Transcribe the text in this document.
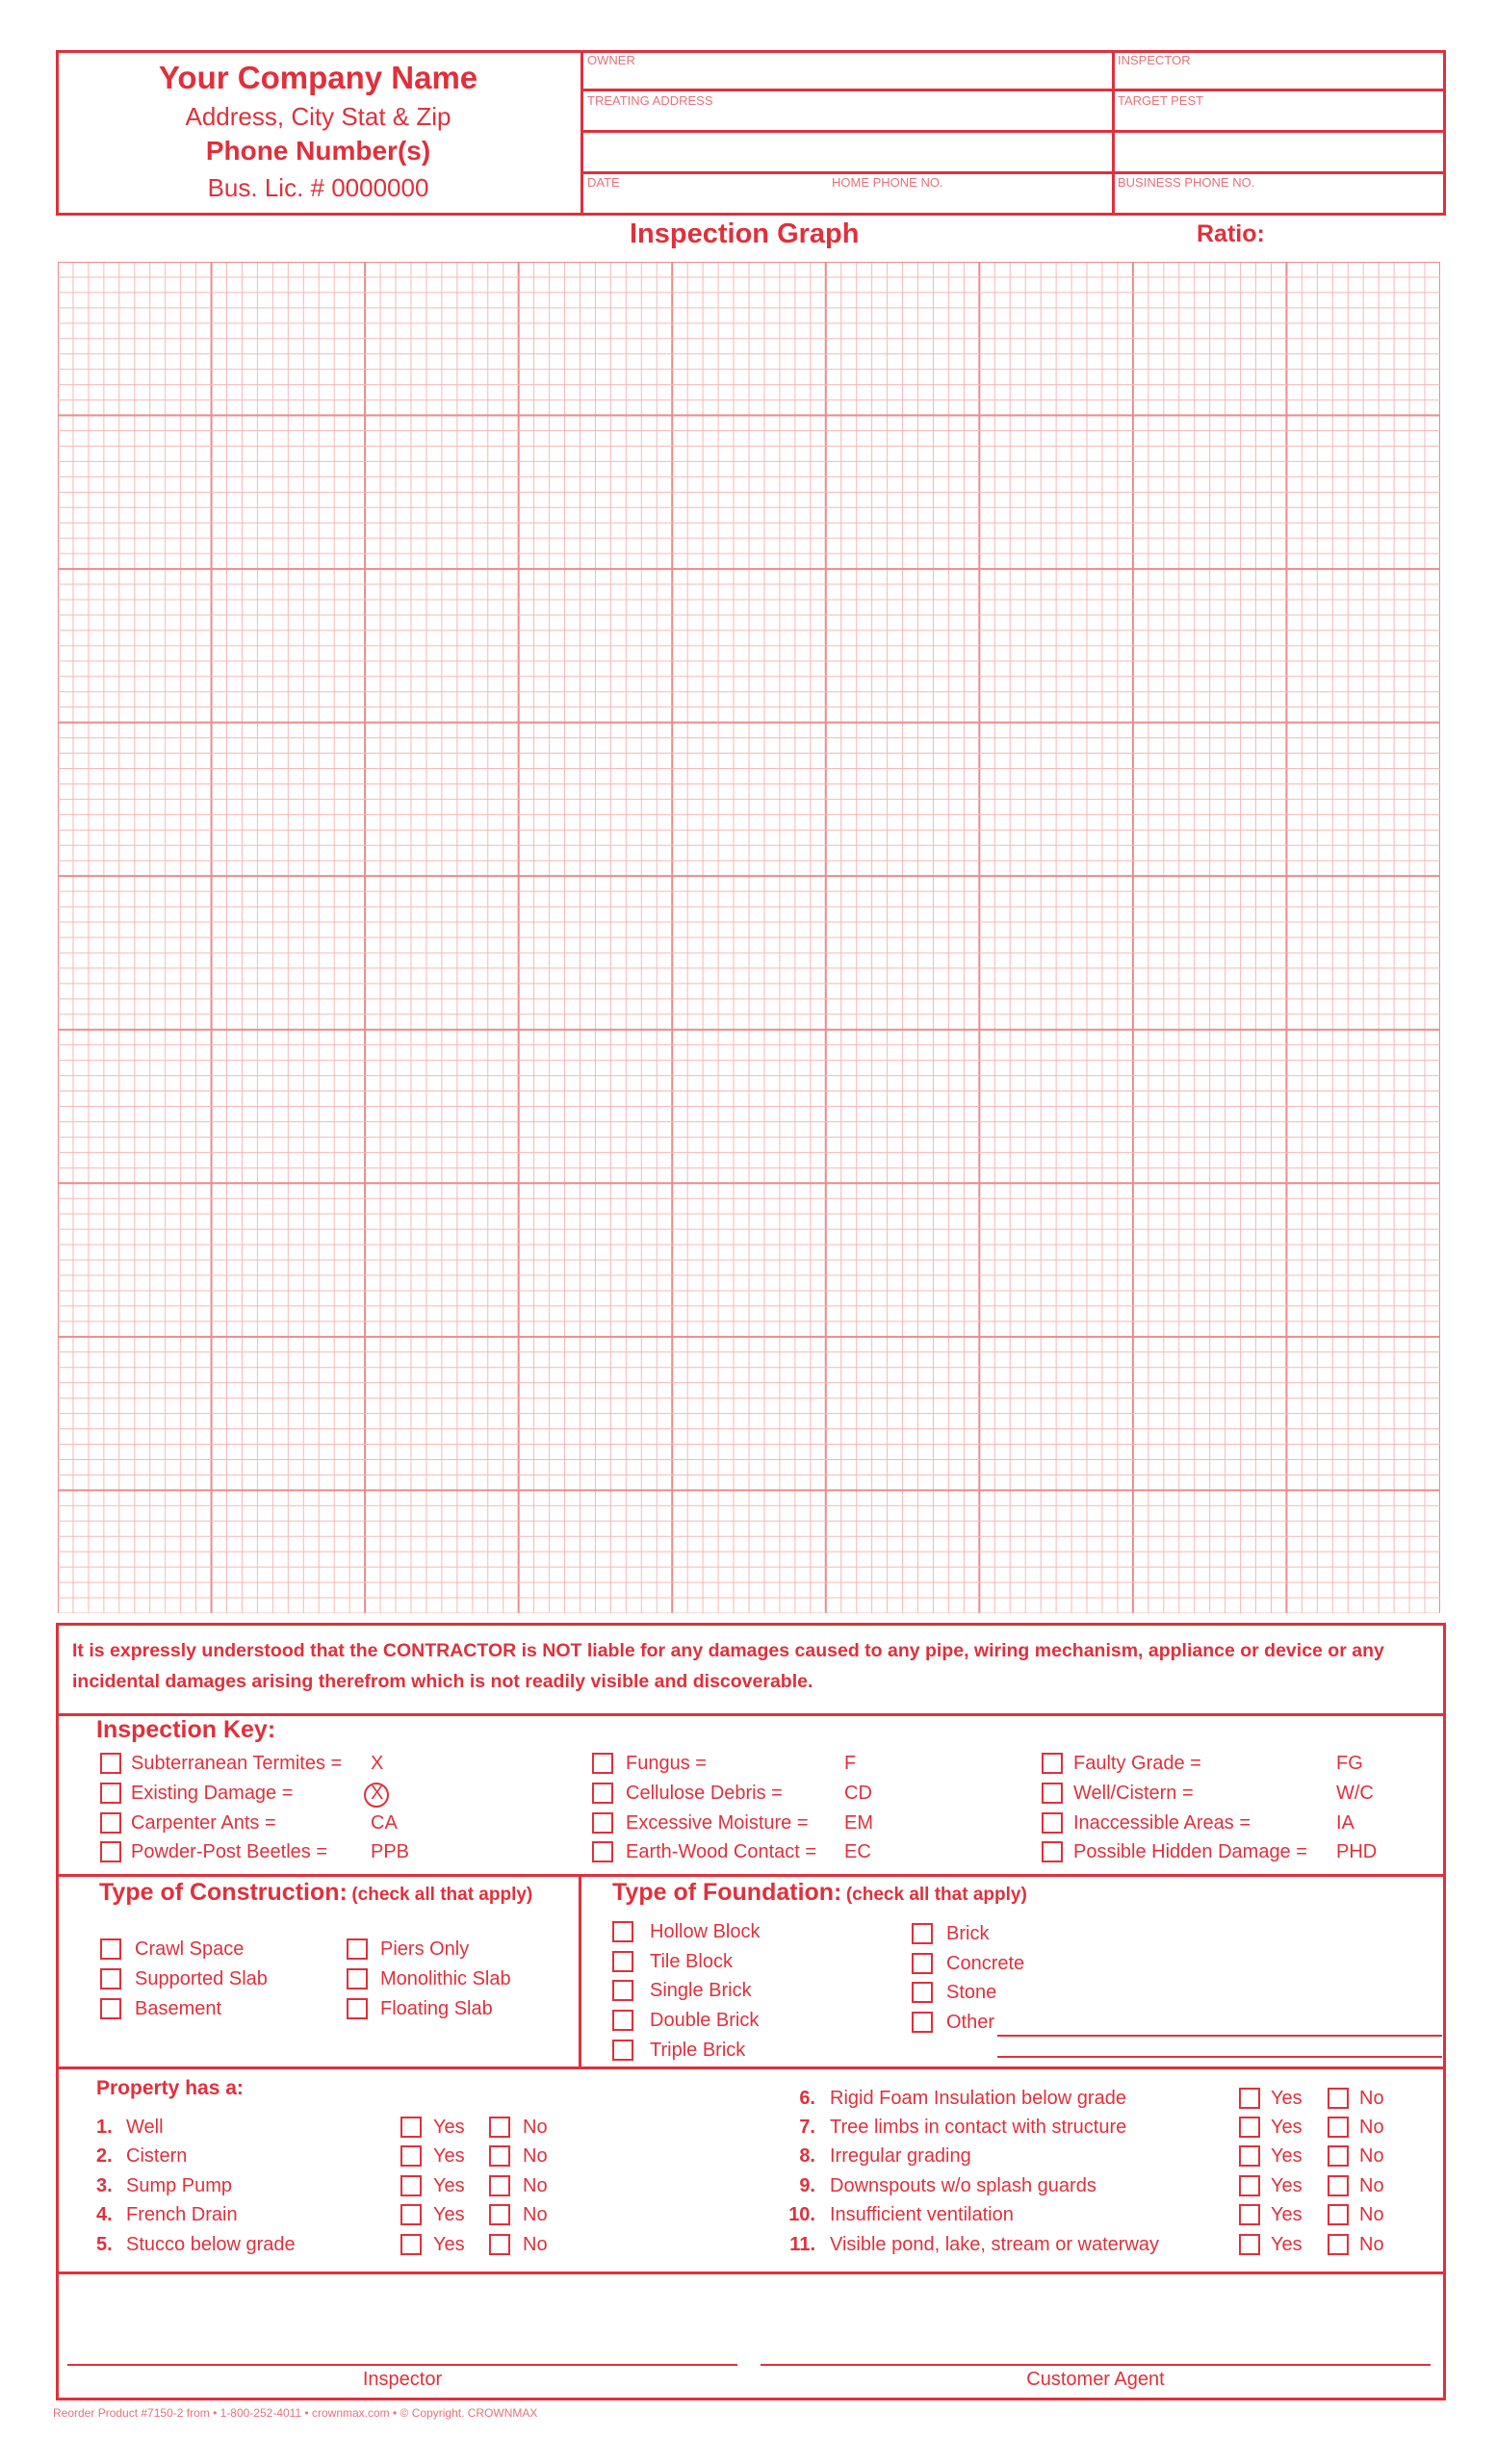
Your Company Name
Address, City Stat & Zip
Phone Number(s)
Bus. Lic. # 0000000
OWNER	INSPECTOR
TREATING ADDRESS	TARGET PEST
DATE	HOME PHONE NO.	BUSINESS PHONE NO.
Inspection Graph	Ratio:
It is expressly understood that the CONTRACTOR is NOT liable for any damages caused to any pipe, wiring mechanism, appliance or device or any incidental damages arising therefrom which is not readily visible and discoverable.
Inspection Key:
Type of Construction: (check all that apply)	Type of Foundation: (check all that apply)
Property has a:
Inspector	Customer Agent
Reorder Product #7150-2 from • 1-800-252-4011 • crownmax.com • © Copyright. CROWNMAX
Subterranean Termites = X
Existing Damage =	X
Carpenter Ants =	CA
Powder-Post Beetles = PPB
Fungus =	F
Cellulose Debris =	CD
Excessive Moisture = EM
Earth-Wood Contact = EC
Faulty Grade =	FG
Well/Cistern =	W/C
Inaccessible Areas =	IA
Possible Hidden Damage = PHD
Crawl Space
Supported Slab
Basement
Piers Only
Monolithic Slab
Floating Slab
Hollow Block
Tile Block
Single Brick
Double Brick
Triple Brick
Brick
Concrete
Stone
Other
1. Well	Yes	No
2. Cistern	Yes	No
3. Sump Pump	Yes	No
4. French Drain	Yes	No
5. Stucco below grade	Yes	No
6. Rigid Foam Insulation below grade	Yes	No
7. Tree limbs in contact with structure	Yes	No
8. Irregular grading	Yes	No
9. Downspouts w/o splash guards	Yes	No
10. Insufficient ventilation	Yes	No
11. Visible pond, lake, stream or waterway	Yes	No
